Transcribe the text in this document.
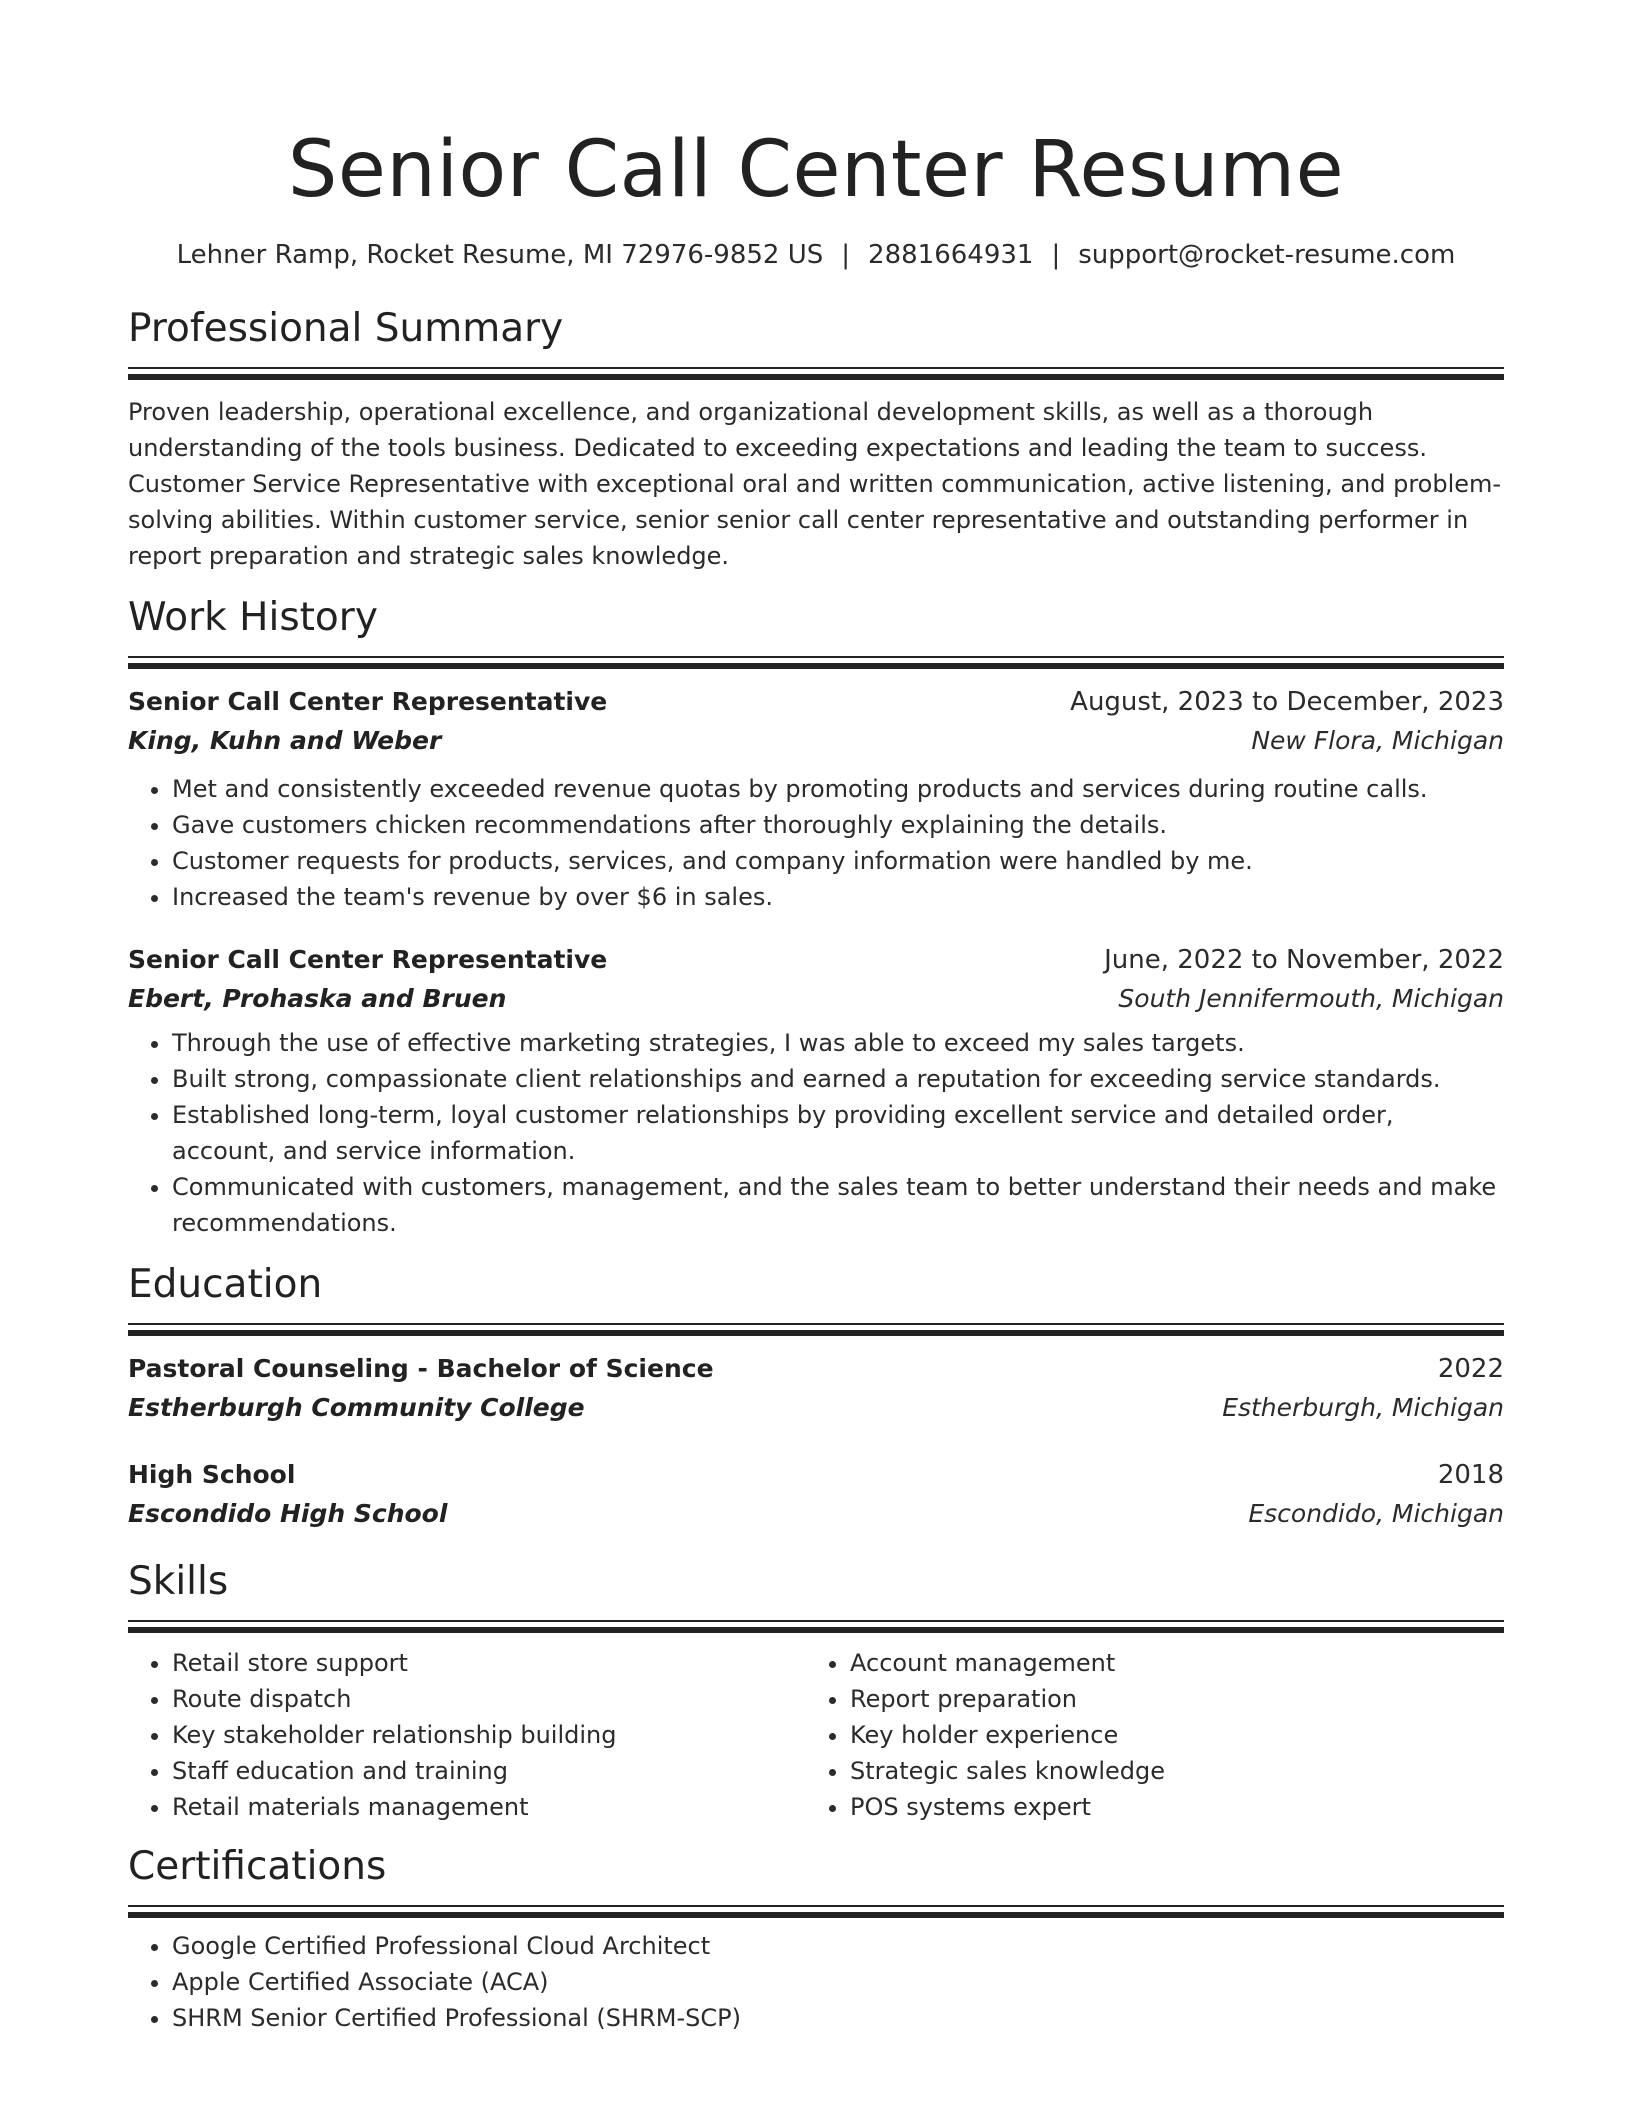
Senior Call Center Resume
Lehner Ramp, Rocket Resume, MI 72976-9852 US | 2881664931 | support@rocket-resume.com
Professional Summary

Proven leadership, operational excellence, and organizational development skills, as well as a thorough understanding of the tools business. Dedicated to exceeding expectations and leading the team to success. Customer Service Representative with exceptional oral and written communication, active listening, and problem-solving abilities. Within customer service, senior senior call center representative and outstanding performer in report preparation and strategic sales knowledge.

Work History
Senior Call Center Representative	August, 2023 to December, 2023
King, Kuhn and Weber	New Flora, Michigan
• Met and consistently exceeded revenue quotas by promoting products and services during routine calls.
• Gave customers chicken recommendations after thoroughly explaining the details.
• Customer requests for products, services, and company information were handled by me.
• Increased the team's revenue by over $6 in sales.
Senior Call Center Representative	June, 2022 to November, 2022
Ebert, Prohaska and Bruen	South Jennifermouth, Michigan
• Through the use of effective marketing strategies, I was able to exceed my sales targets.
• Built strong, compassionate client relationships and earned a reputation for exceeding service standards.
• Established long-term, loyal customer relationships by providing excellent service and detailed order, account, and service information.
• Communicated with customers, management, and the sales team to better understand their needs and make recommendations.
Education
Pastoral Counseling - Bachelor of Science	2022
Estherburgh Community College	Estherburgh, Michigan
High School	2018
Escondido High School	Escondido, Michigan
Skills
• Retail store support
• Route dispatch
• Key stakeholder relationship building
• Staff education and training
• Retail materials management
• Account management
• Report preparation
• Key holder experience
• Strategic sales knowledge
• POS systems expert
Certifications
• Google Certified Professional Cloud Architect
• Apple Certified Associate (ACA)
• SHRM Senior Certified Professional (SHRM-SCP)
